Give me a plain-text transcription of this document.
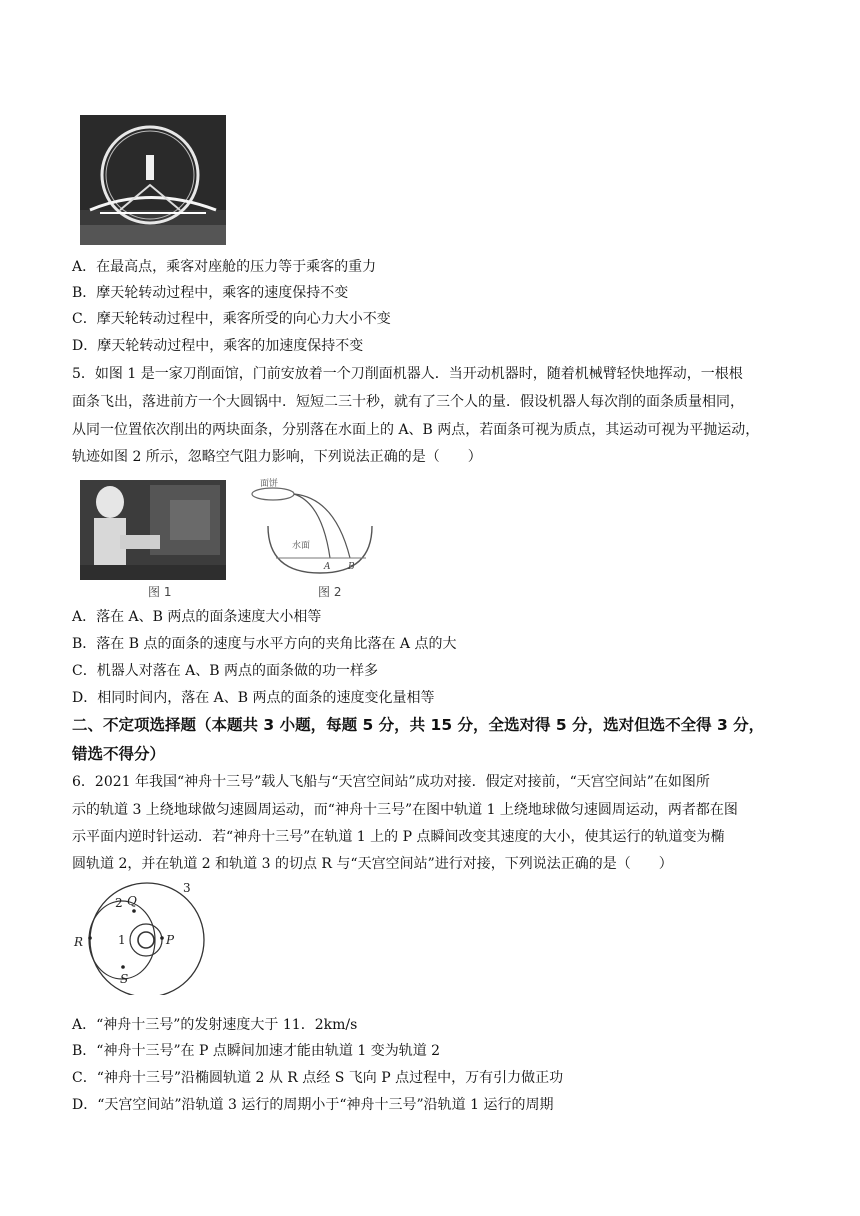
A．在最高点，乘客对座舱的压力等于乘客的重力
B．摩天轮转动过程中，乘客的速度保持不变
C．摩天轮转动过程中，乘客所受的向心力大小不变
D．摩天轮转动过程中，乘客的加速度保持不变
5．如图 1 是一家刀削面馆，门前安放着一个刀削面机器人．当开动机器时，随着机械臂轻快地挥动，一根根
面条飞出，落进前方一个大圆锅中．短短二三十秒，就有了三个人的量．假设机器人每次削的面条质量相同，
从同一位置依次削出的两块面条，分别落在水面上的 A、B 两点，若面条可视为质点，其运动可视为平抛运动，
轨迹如图 2 所示，忽略空气阻力影响，下列说法正确的是（　　）
图 1
面饼
水面
A B
图 2
A．落在 A、B 两点的面条速度大小相等
B．落在 B 点的面条的速度与水平方向的夹角比落在 A 点的大
C．机器人对落在 A、B 两点的面条做的功一样多
D．相同时间内，落在 A、B 两点的面条的速度变化量相等
二、不定项选择题（本题共 3 小题，每题 5 分，共 15 分，全选对得 5 分，选对但选不全得 3 分，
错选不得分）
6．2021 年我国“神舟十三号”载人飞船与“天宫空间站”成功对接．假定对接前，“天宫空间站”在如图所
示的轨道 3 上绕地球做匀速圆周运动，而“神舟十三号”在图中轨道 1 上绕地球做匀速圆周运动，两者都在图
示平面内逆时针运动．若“神舟十三号”在轨道 1 上的 P 点瞬间改变其速度的大小，使其运行的轨道变为椭
圆轨道 2，并在轨道 2 和轨道 3 的切点 R 与“天宫空间站”进行对接，下列说法正确的是（　　）
3
2 Q
R	1	P
S
A．“神舟十三号”的发射速度大于 11．2km/s
B．“神舟十三号”在 P 点瞬间加速才能由轨道 1 变为轨道 2
C．“神舟十三号”沿椭圆轨道 2 从 R 点经 S 飞向 P 点过程中，万有引力做正功
D．“天宫空间站”沿轨道 3 运行的周期小于“神舟十三号”沿轨道 1 运行的周期
